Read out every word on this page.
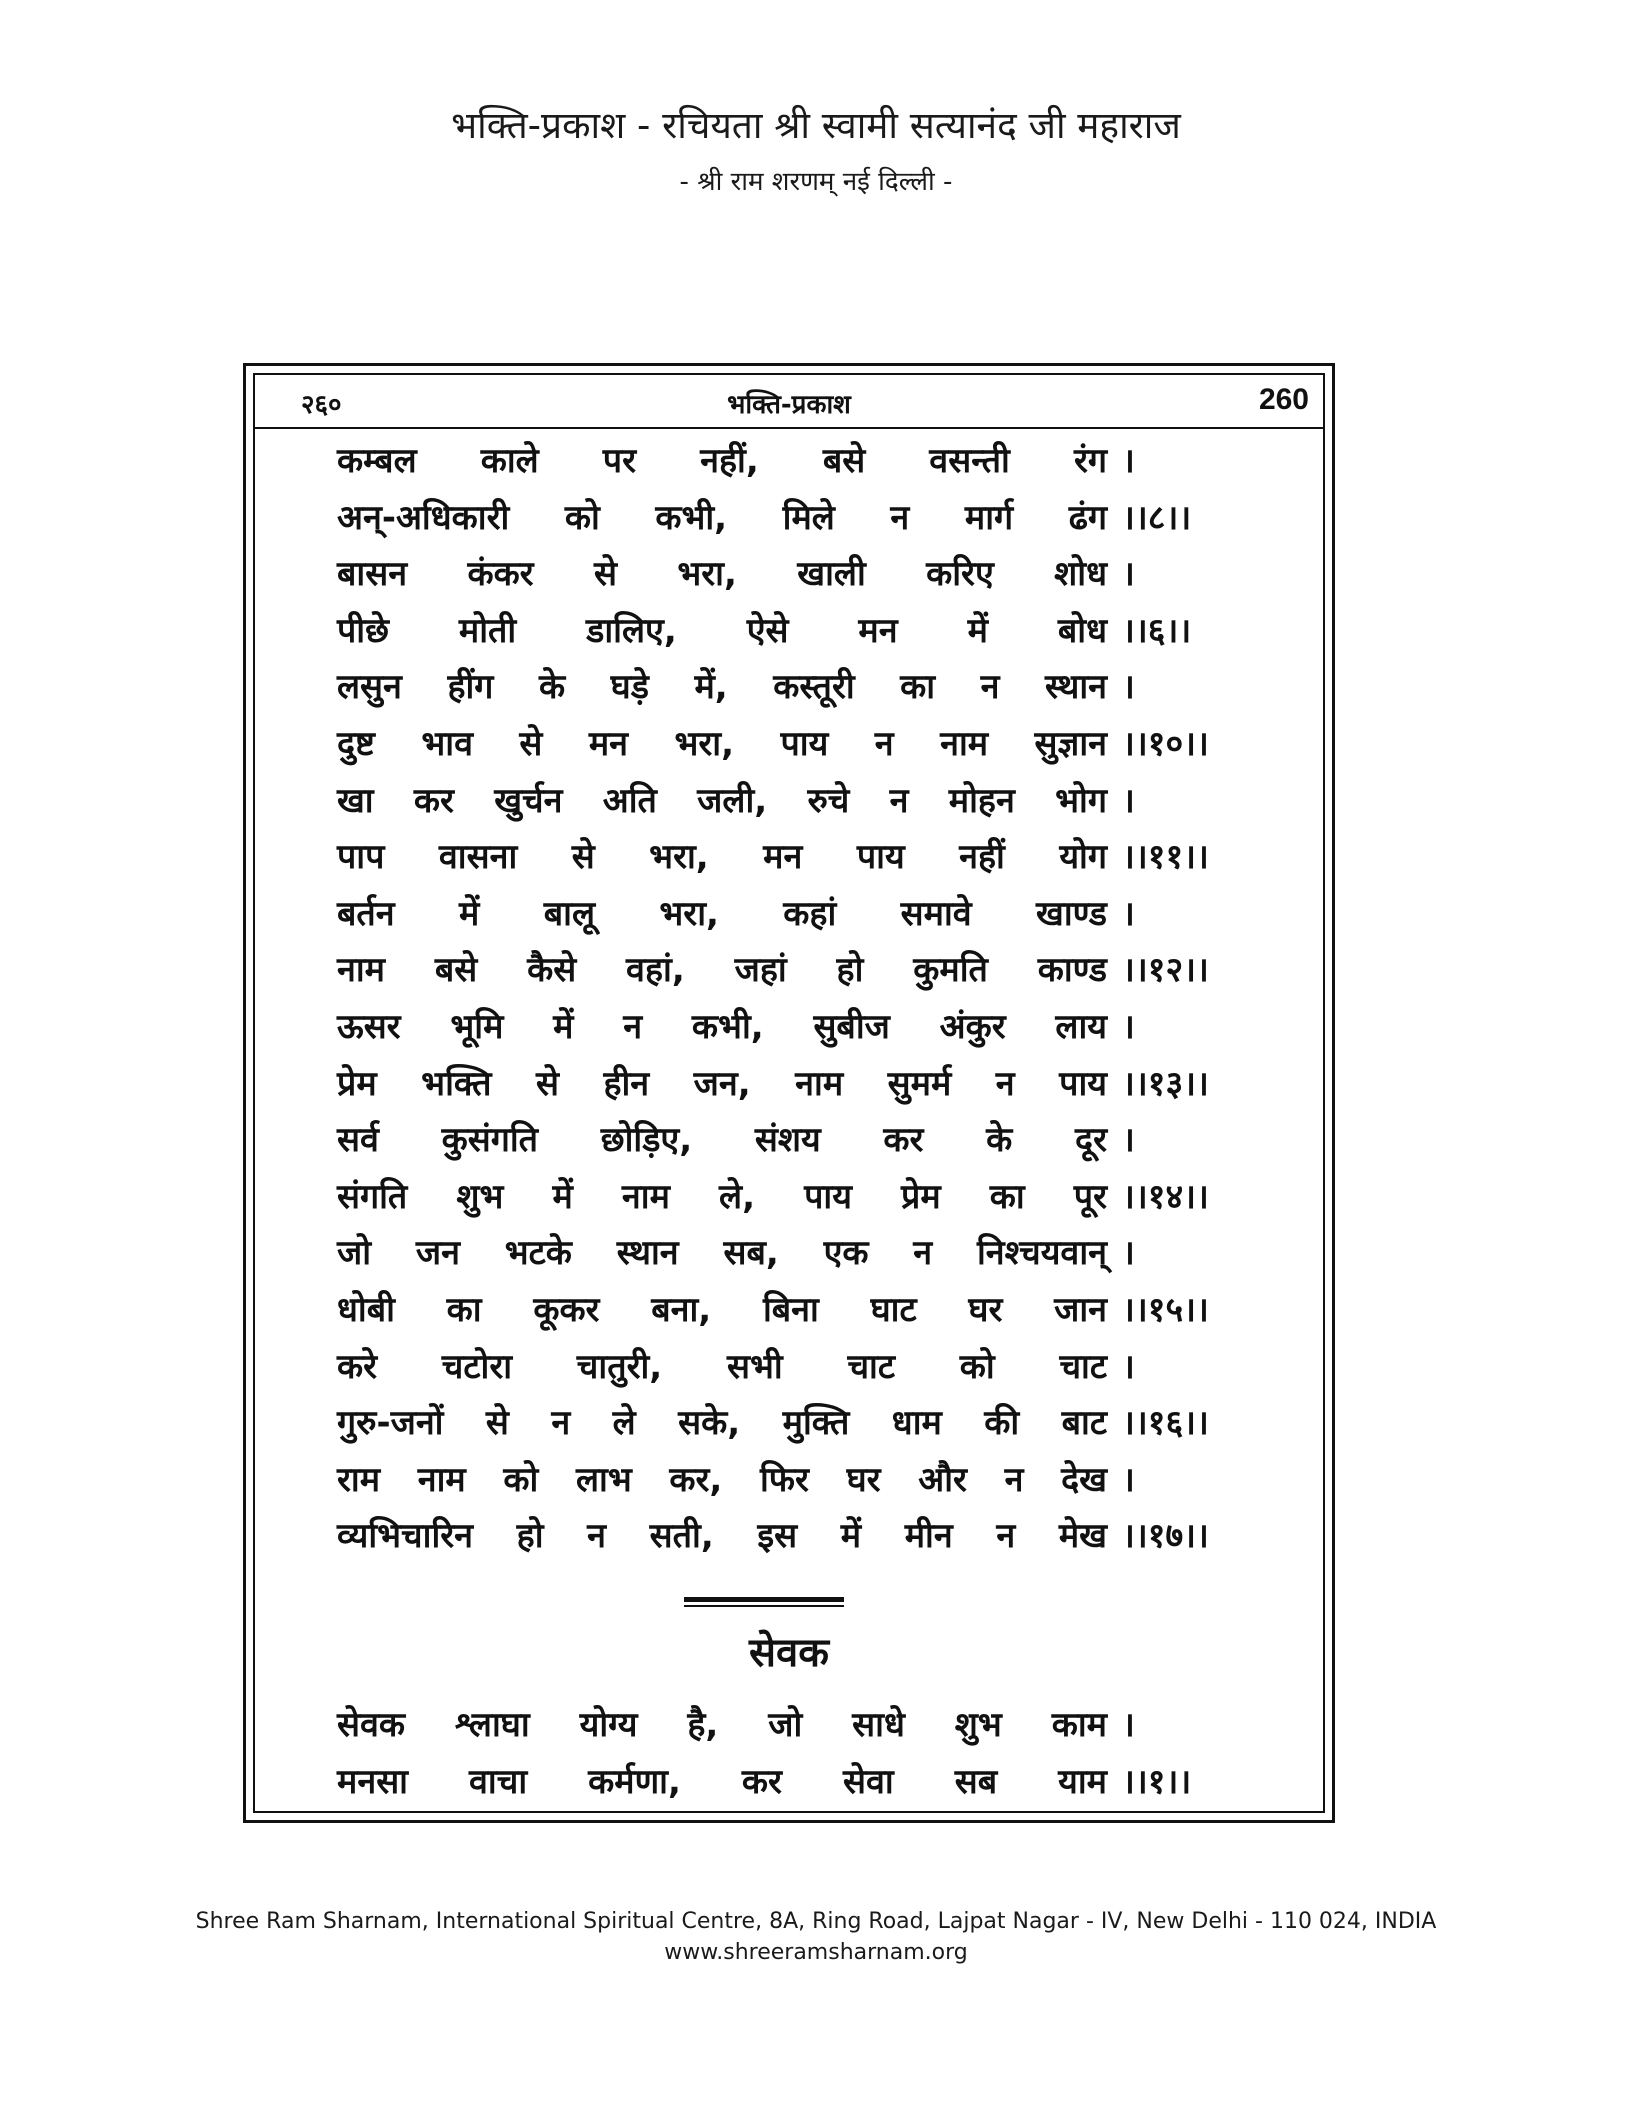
भक्ति-प्रकाश - रचियता श्री स्वामी सत्यानंद जी महाराज
- श्री राम शरणम् नई दिल्ली -
२६०	भक्ति-प्रकाश	260
कम्बल काले पर नहीं, बसे वसन्ती रंग ।
अन्-अधिकारी को कभी, मिले न मार्ग ढंग ।।८।।
बासन कंकर से भरा, खाली करिए शोध ।
पीछे मोती डालिए, ऐसे मन में बोध ।।६।।
लसुन हींग के घड़े में, कस्तूरी का न स्थान ।
दुष्ट भाव से मन भरा, पाय न नाम सुज्ञान ।।१०।।
खा कर खुर्चन अति जली, रुचे न मोहन भोग ।
पाप वासना से भरा, मन पाय नहीं योग ।।११।।
बर्तन में बालू भरा, कहां समावे खाण्ड ।
नाम बसे कैसे वहां, जहां हो कुमति काण्ड ।।१२।।
ऊसर भूमि में न कभी, सुबीज अंकुर लाय ।
प्रेम भक्ति से हीन जन, नाम सुमर्म न पाय ।।१३।।
सर्व कुसंगति छोड़िए, संशय कर के दूर ।
संगति शुभ में नाम ले, पाय प्रेम का पूर ।।१४।।
जो जन भटके स्थान सब, एक न निश्चयवान् ।
धोबी का कूकर बना, बिना घाट घर जान ।।१५।।
करे चटोरा चातुरी, सभी चाट को चाट ।
गुरु-जनों से न ले सके, मुक्ति धाम की बाट ।।१६।।
राम नाम को लाभ कर, फिर घर और न देख ।
व्यभिचारिन हो न सती, इस में मीन न मेख ।।१७।।
सेवक
सेवक श्लाघा योग्य है, जो साधे शुभ काम ।
मनसा वाचा कर्मणा, कर सेवा सब याम ।।१।।
Shree Ram Sharnam, International Spiritual Centre, 8A, Ring Road, Lajpat Nagar - IV, New Delhi - 110 024, INDIA
www.shreeramsharnam.org
